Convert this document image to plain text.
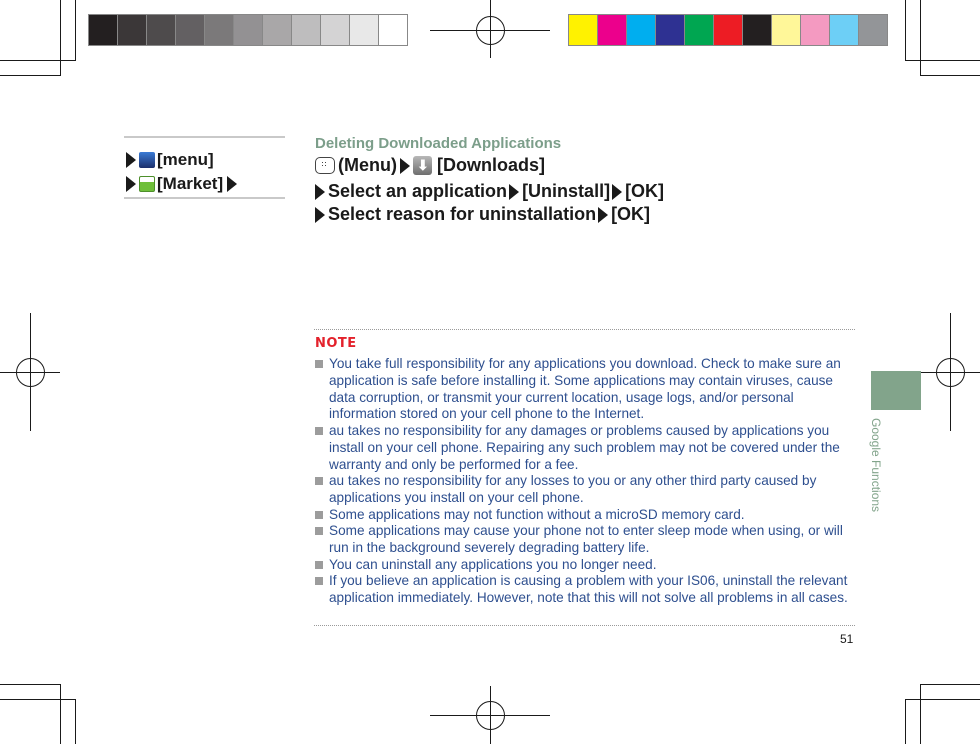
[menu]
[Market]
Deleting Downloaded Applications
(Menu)
⬇ [Downloads]
Select an application [Uninstall] [OK]
Select reason for uninstallation [OK]
NOTE
You take full responsibility for any applications you download. Check to make sure an application is safe before installing it. Some applications may contain viruses, cause data corruption, or transmit your current location, usage logs, and/or personal information stored on your cell phone to the Internet.
au takes no responsibility for any damages or problems caused by applications you install on your cell phone. Repairing any such problem may not be covered under the warranty and only be performed for a fee.
au takes no responsibility for any losses to you or any other third party caused by applications you install on your cell phone.
Some applications may not function without a microSD memory card.
Some applications may cause your phone not to enter sleep mode when using, or will run in the background severely degrading battery life.
You can uninstall any applications you no longer need.
If you believe an application is causing a problem with your IS06, uninstall the relevant application immediately. However, note that this will not solve all problems in all cases.
Google Functions
51
